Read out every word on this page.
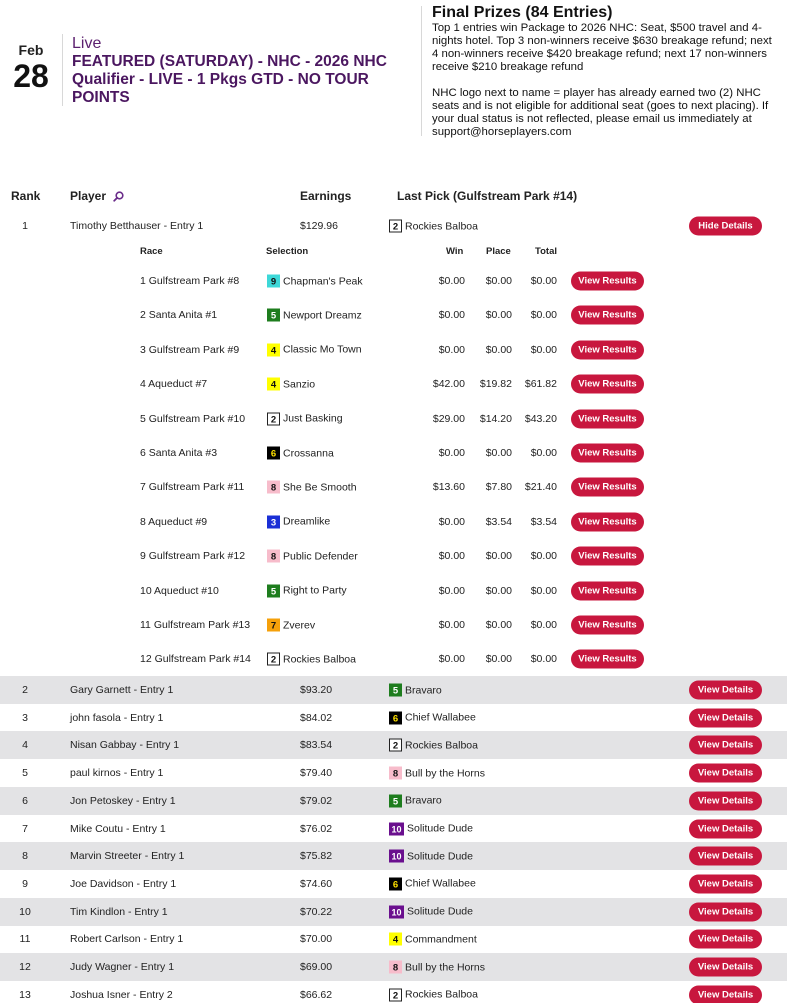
Feb
28
Live
FEATURED (SATURDAY) - NHC - 2026 NHC Qualifier - LIVE - 1 Pkgs GTD - NO TOUR POINTS
Final Prizes (84 Entries)

Top 1 entries win Package to 2026 NHC: Seat, $500 travel and 4-nights hotel. Top 3 non-winners receive $630 breakage refund; next 4 non-winners receive $420 breakage refund; next 17 non-winners receive $210 breakage refund

NHC logo next to name = player has already earned two (2) NHC seats and is not eligible for additional seat (goes to next placing). If your dual status is not reflected, please email us immediately at support@horseplayers.com

Rank Player	Earnings	Last Pick (Gulfstream Park #14)
1	Timothy Betthauser - Entry 1	$129.96	2 Rockies Balboa	Hide Details
Race	Selection	Win Place	Total
1 Gulfstream Park #8	9 Chapman's Peak	$0.00	$0.00	$0.00	View Results
2 Santa Anita #1	5 Newport Dreamz	$0.00	$0.00	$0.00	View Results
3 Gulfstream Park #9	4 Classic Mo Town	$0.00	$0.00	$0.00	View Results
4 Aqueduct #7	4 Sanzio	$42.00	$19.82	$61.82	View Results
5 Gulfstream Park #10	2 Just Basking	$29.00	$14.20	$43.20	View Results
6 Santa Anita #3	6 Crossanna	$0.00	$0.00	$0.00	View Results
7 Gulfstream Park #11	8 She Be Smooth	$13.60	$7.80	$21.40	View Results
8 Aqueduct #9	3 Dreamlike	$0.00	$3.54	$3.54	View Results
9 Gulfstream Park #12	8 Public Defender	$0.00	$0.00	$0.00	View Results
10 Aqueduct #10	5 Right to Party	$0.00	$0.00	$0.00	View Results
11 Gulfstream Park #13	7 Zverev	$0.00	$0.00	$0.00	View Results
12 Gulfstream Park #14	2 Rockies Balboa	$0.00	$0.00	$0.00	View Results
2	Gary Garnett - Entry 1	$93.20	5 Bravaro	View Details
3	john fasola - Entry 1	$84.02	6 Chief Wallabee	View Details
4	Nisan Gabbay - Entry 1	$83.54	2 Rockies Balboa	View Details
5	paul kirnos - Entry 1	$79.40	8 Bull by the Horns	View Details
6	Jon Petoskey - Entry 1	$79.02	5 Bravaro	View Details
7	Mike Coutu - Entry 1	$76.02	10 Solitude Dude	View Details
8	Marvin Streeter - Entry 1	$75.82	10 Solitude Dude	View Details
9	Joe Davidson - Entry 1	$74.60	6 Chief Wallabee	View Details
10	Tim Kindlon - Entry 1	$70.22	10 Solitude Dude	View Details
11	Robert Carlson - Entry 1	$70.00	4 Commandment	View Details
12	Judy Wagner - Entry 1	$69.00	8 Bull by the Horns	View Details
13	Joshua Isner - Entry 2	$66.62	2 Rockies Balboa	View Details
